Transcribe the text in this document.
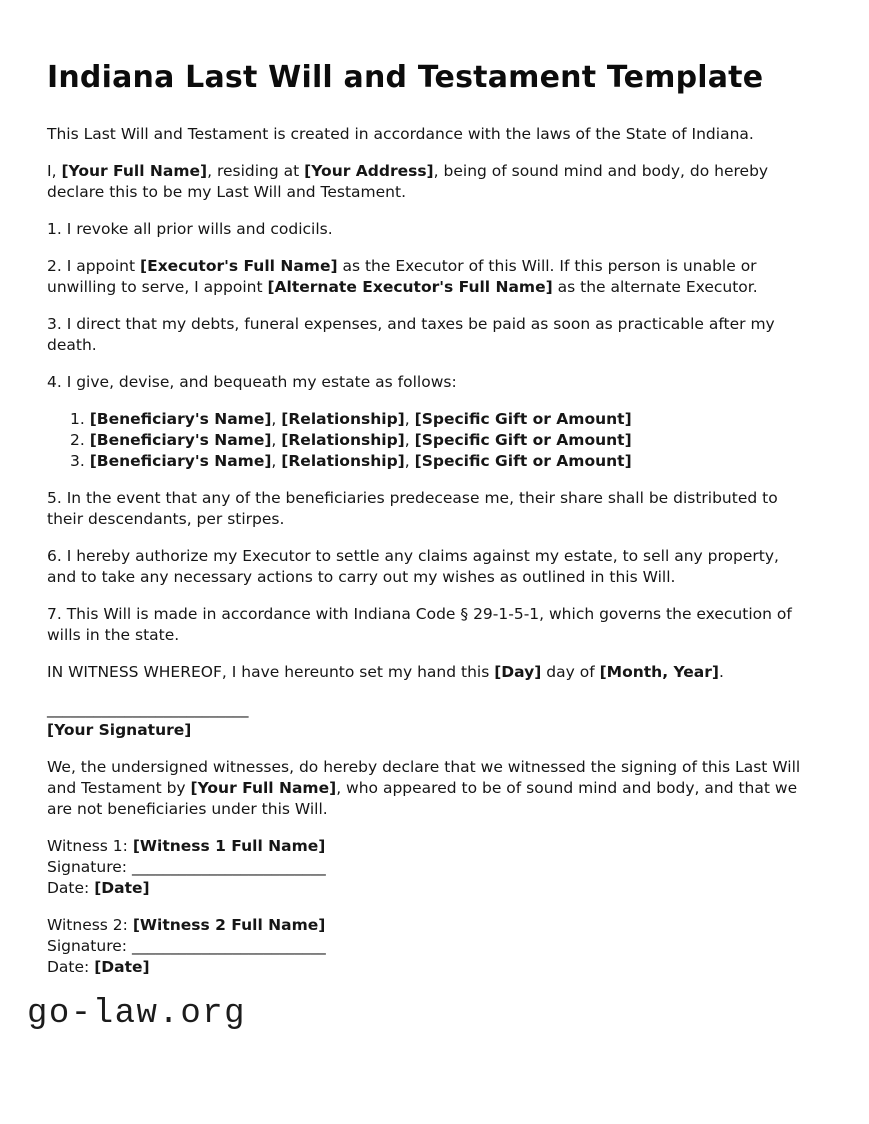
Indiana Last Will and Testament Template

This Last Will and Testament is created in accordance with the laws of the State of Indiana.

I, [Your Full Name], residing at [Your Address], being of sound mind and body, do hereby declare this to be my Last Will and Testament.

1. I revoke all prior wills and codicils.

2. I appoint [Executor's Full Name] as the Executor of this Will. If this person is unable or unwilling to serve, I appoint [Alternate Executor's Full Name] as the alternate Executor.

3. I direct that my debts, funeral expenses, and taxes be paid as soon as practicable after my death.

4. I give, devise, and bequeath my estate as follows:

1. [Beneficiary's Name], [Relationship], [Specific Gift or Amount]
2. [Beneficiary's Name], [Relationship], [Specific Gift or Amount]
3. [Beneficiary's Name], [Relationship], [Specific Gift or Amount]

5. In the event that any of the beneficiaries predecease me, their share shall be distributed to their descendants, per stirpes.

6. I hereby authorize my Executor to settle any claims against my estate, to sell any property, and to take any necessary actions to carry out my wishes as outlined in this Will.

7. This Will is made in accordance with Indiana Code § 29-1-5-1, which governs the execution of wills in the state.

IN WITNESS WHEREOF, I have hereunto set my hand this [Day] day of [Month, Year].

__________________________
[Your Signature]

We, the undersigned witnesses, do hereby declare that we witnessed the signing of this Last Will and Testament by [Your Full Name], who appeared to be of sound mind and body, and that we are not beneficiaries under this Will.

Witness 1: [Witness 1 Full Name]
Signature: _________________________
Date: [Date]
Witness 2: [Witness 2 Full Name]
Signature: _________________________
Date: [Date]
go-law.org
